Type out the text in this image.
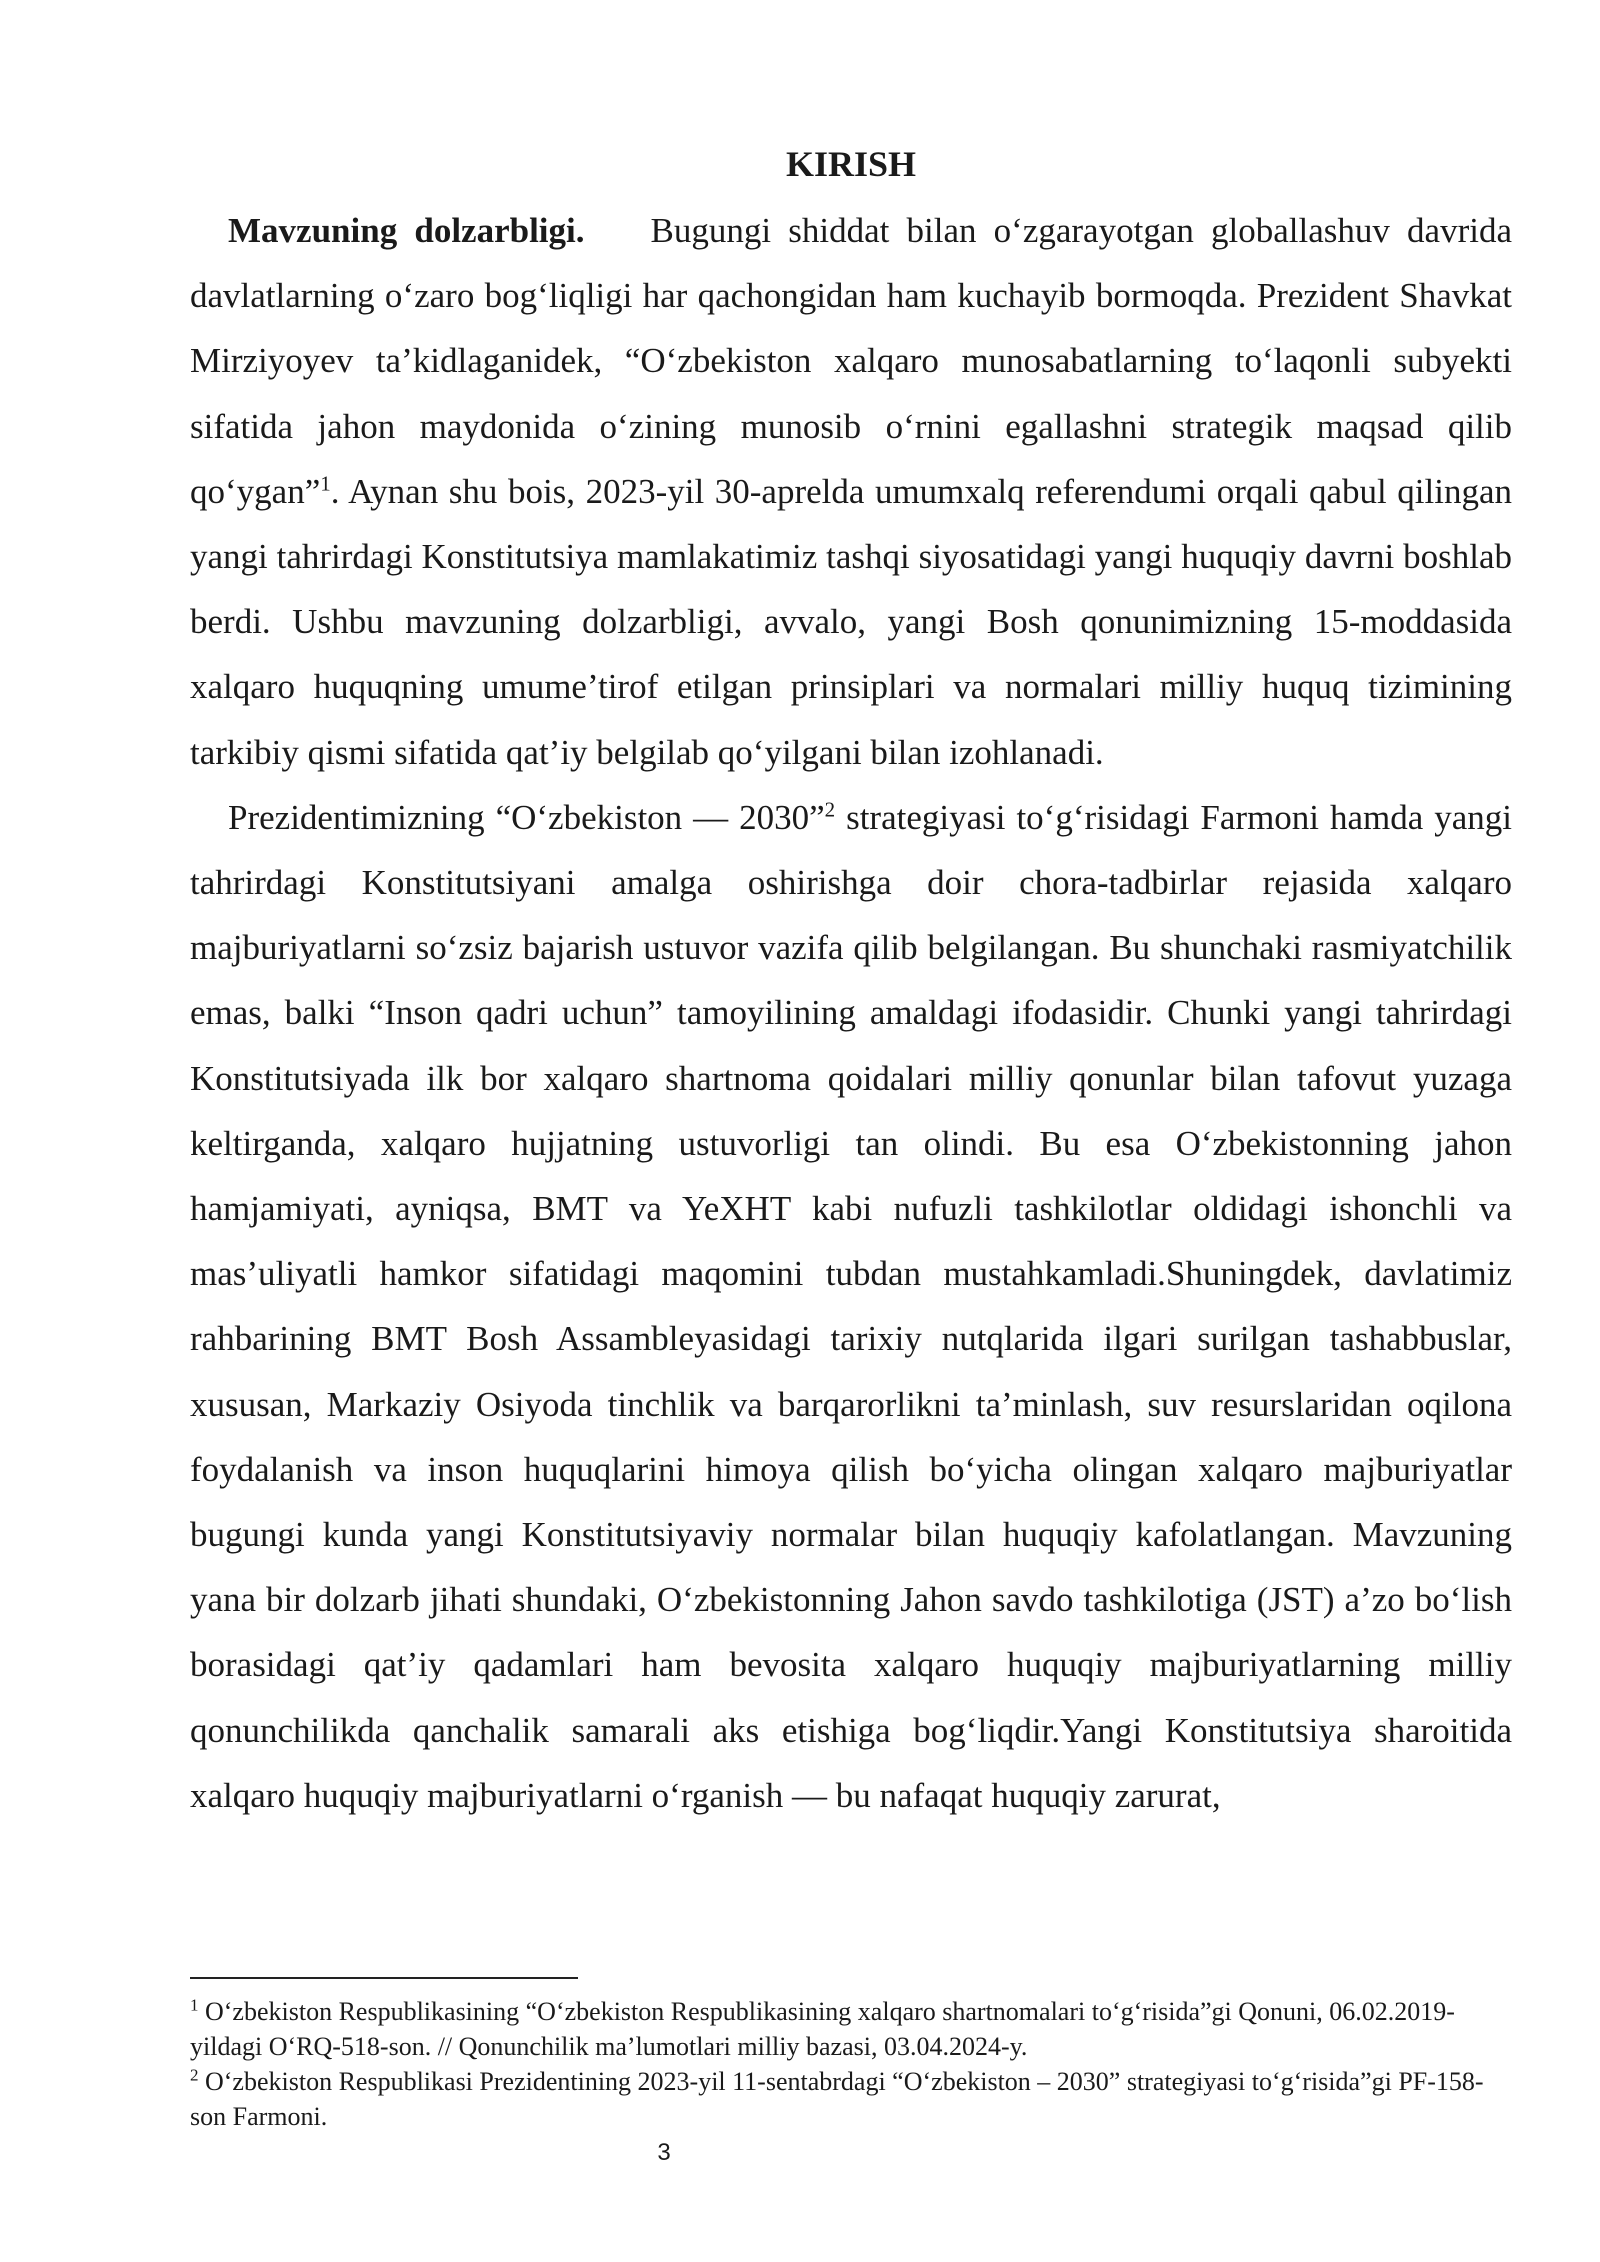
KIRISH

Mavzuning dolzarbligi. Bugungi shiddat bilan o‘zgarayotgan globallashuv davrida davlatlarning o‘zaro bog‘liqligi har qachongidan ham kuchayib bormoqda. Prezident Shavkat Mirziyoyev ta’kidlaganidek, “O‘zbekiston xalqaro munosabatlarning to‘laqonli subyekti sifatida jahon maydonida o‘zining munosib o‘rnini egallashni strategik maqsad qilib qo‘ygan”$^1$. Aynan shu bois, 2023-yil 30-aprelda umumxalq referendumi orqali qabul qilingan yangi tahrirdagi Konstitutsiya mamlakatimiz tashqi siyosatidagi yangi huquqiy davrni boshlab berdi. Ushbu mavzuning dolzarbligi, avvalo, yangi Bosh qonunimizning 15-moddasida xalqaro huquqning umume’tirof etilgan prinsiplari va normalari milliy huquq tizimining tarkibiy qismi sifatida qat’iy belgilab qo‘yilgani bilan izohlanadi.

Prezidentimizning “O‘zbekiston — 2030”$^2$ strategiyasi to‘g‘risidagi Farmoni hamda yangi tahrirdagi Konstitutsiyani amalga oshirishga doir chora-tadbirlar rejasida xalqaro majburiyatlarni so‘zsiz bajarish ustuvor vazifa qilib belgilangan. Bu shunchaki rasmiyatchilik emas, balki “Inson qadri uchun” tamoyilining amaldagi ifodasidir. Chunki yangi tahrirdagi Konstitutsiyada ilk bor xalqaro shartnoma qoidalari milliy qonunlar bilan tafovut yuzaga keltirganda, xalqaro hujjatning ustuvorligi tan olindi. Bu esa O‘zbekistonning jahon hamjamiyati, ayniqsa, BMT va YeXHT kabi nufuzli tashkilotlar oldidagi ishonchli va mas’uliyatli hamkor sifatidagi maqomini tubdan mustahkamladi.Shuningdek, davlatimiz rahbarining BMT Bosh Assambleyasidagi tarixiy nutqlarida ilgari surilgan tashabbuslar, xususan, Markaziy Osiyoda tinchlik va barqarorlikni ta’minlash, suv resurslaridan oqilona foydalanish va inson huquqlarini himoya qilish bo‘yicha olingan xalqaro majburiyatlar bugungi kunda yangi Konstitutsiyaviy normalar bilan huquqiy kafolatlangan. Mavzuning yana bir dolzarb jihati shundaki, O‘zbekistonning Jahon savdo tashkilotiga (JST) a’zo bo‘lish borasidagi qat’iy qadamlari ham bevosita xalqaro huquqiy majburiyatlarning milliy qonunchilikda qanchalik samarali aks etishiga bog‘liqdir.Yangi Konstitutsiya sharoitida xalqaro huquqiy majburiyatlarni o‘rganish — bu nafaqat huquqiy zarurat,

$^1$ O‘zbekiston Respublikasining “O‘zbekiston Respublikasining xalqaro shartnomalari to‘g‘risida”gi Qonuni, 06.02.2019-yildagi O‘RQ-518-son. // Qonunchilik ma’lumotlari milliy bazasi, 03.04.2024-y.

$^2$ O‘zbekiston Respublikasi Prezidentining 2023-yil 11-sentabrdagi “O‘zbekiston – 2030” strategiyasi to‘g‘risida”gi PF-158-son Farmoni.

3
